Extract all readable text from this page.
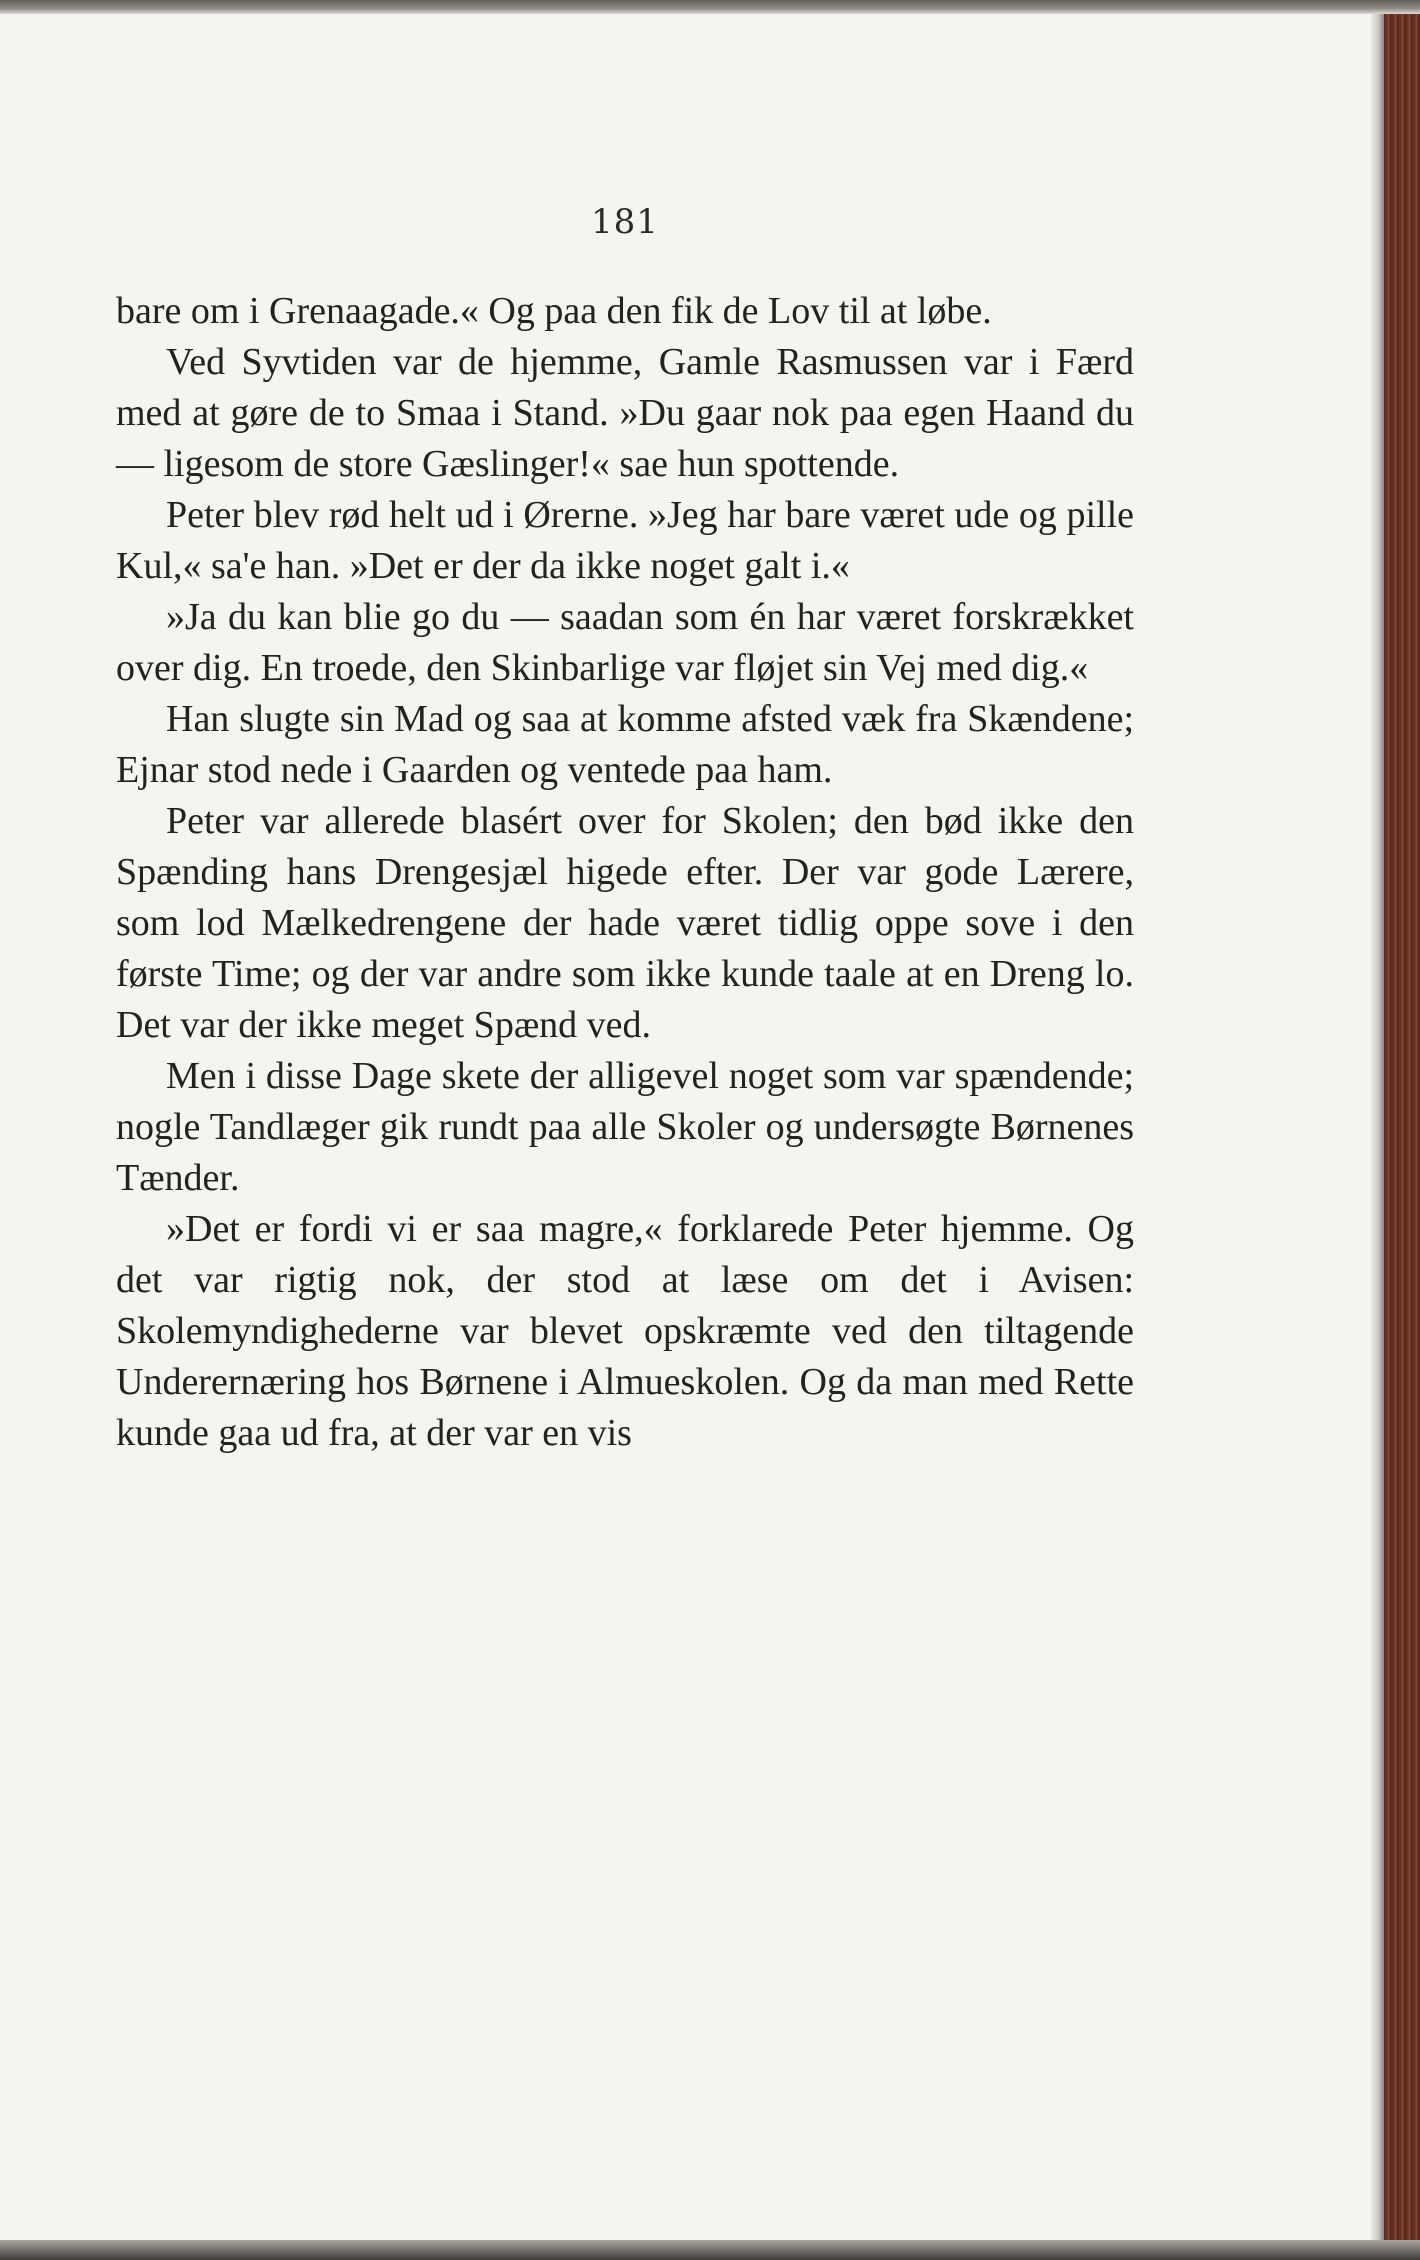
181

bare om i Grenaagade.« Og paa den fik de Lov til at løbe.

Ved Syvtiden var de hjemme, Gamle Rasmussen var i Færd med at gøre de to Smaa i Stand. »Du gaar nok paa egen Haand du — ligesom de store Gæslinger!« sae hun spottende.

Peter blev rød helt ud i Ørerne. »Jeg har bare været ude og pille Kul,« sa'e han. »Det er der da ikke noget galt i.«

»Ja du kan blie go du — saadan som én har været forskrækket over dig. En troede, den Skinbarlige var fløjet sin Vej med dig.«

Han slugte sin Mad og saa at komme afsted væk fra Skændene; Ejnar stod nede i Gaarden og ventede paa ham.

Peter var allerede blasért over for Skolen; den bød ikke den Spænding hans Drengesjæl higede efter. Der var gode Lærere, som lod Mælkedrengene der hade været tidlig oppe sove i den første Time; og der var andre som ikke kunde taale at en Dreng lo. Det var der ikke meget Spænd ved.

Men i disse Dage skete der alligevel noget som var spændende; nogle Tandlæger gik rundt paa alle Skoler og undersøgte Børnenes Tænder.

»Det er fordi vi er saa magre,« forklarede Peter hjemme. Og det var rigtig nok, der stod at læse om det i Avisen: Skolemyndighederne var blevet opskræmte ved den tiltagende Underernæring hos Børnene i Almueskolen. Og da man med Rette kunde gaa ud fra, at der var en vis
